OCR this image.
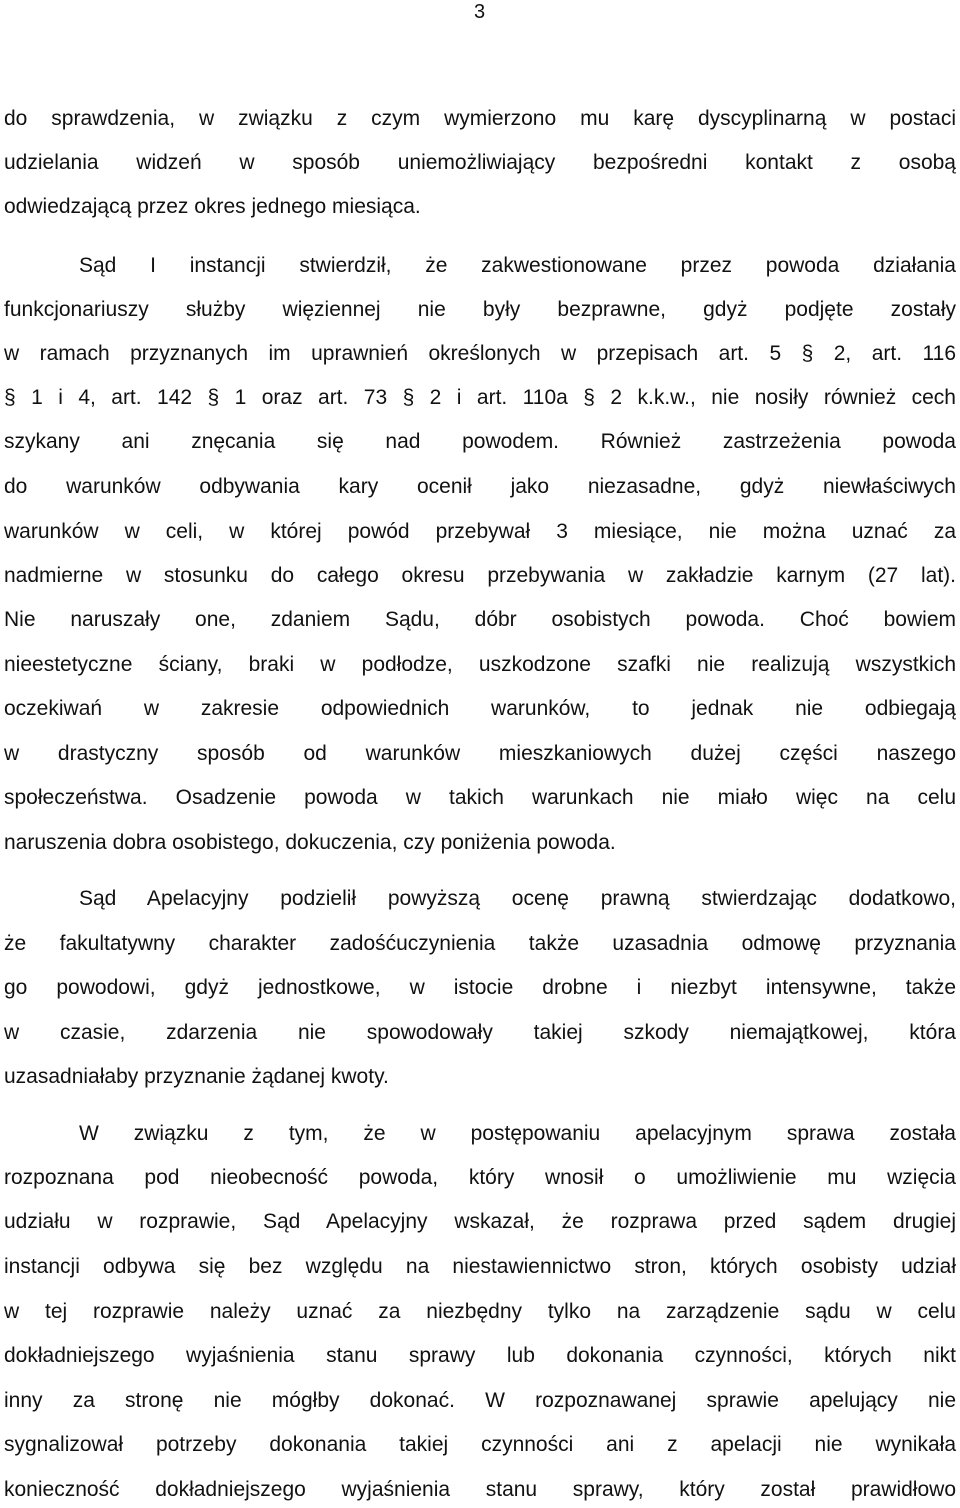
3
do sprawdzenia, w związku z czym wymierzono mu karę dyscyplinarną w postaci
udzielania widzeń w sposób uniemożliwiający bezpośredni kontakt z osobą
odwiedzającą przez okres jednego miesiąca.
Sąd I instancji stwierdził, że zakwestionowane przez powoda działania
funkcjonariuszy służby więziennej nie były bezprawne, gdyż podjęte zostały
w ramach przyznanych im uprawnień określonych w przepisach art. 5 § 2, art. 116
§ 1 i 4, art. 142 § 1 oraz art. 73 § 2 i art. 110a § 2 k.k.w., nie nosiły również cech
szykany ani znęcania się nad powodem. Również zastrzeżenia powoda
do warunków odbywania kary ocenił jako niezasadne, gdyż niewłaściwych
warunków w celi, w której powód przebywał 3 miesiące, nie można uznać za
nadmierne w stosunku do całego okresu przebywania w zakładzie karnym (27 lat).
Nie naruszały one, zdaniem Sądu, dóbr osobistych powoda. Choć bowiem
nieestetyczne ściany, braki w podłodze, uszkodzone szafki nie realizują wszystkich
oczekiwań w zakresie odpowiednich warunków, to jednak nie odbiegają
w drastyczny sposób od warunków mieszkaniowych dużej części naszego
społeczeństwa. Osadzenie powoda w takich warunkach nie miało więc na celu
naruszenia dobra osobistego, dokuczenia, czy poniżenia powoda.
Sąd Apelacyjny podzielił powyższą ocenę prawną stwierdzając dodatkowo,
że fakultatywny charakter zadośćuczynienia także uzasadnia odmowę przyznania
go powodowi, gdyż jednostkowe, w istocie drobne i niezbyt intensywne, także
w czasie, zdarzenia nie spowodowały takiej szkody niemajątkowej, która
uzasadniałaby przyznanie żądanej kwoty.
W związku z tym, że w postępowaniu apelacyjnym sprawa została
rozpoznana pod nieobecność powoda, który wnosił o umożliwienie mu wzięcia
udziału w rozprawie, Sąd Apelacyjny wskazał, że rozprawa przed sądem drugiej
instancji odbywa się bez względu na niestawiennictwo stron, których osobisty udział
w tej rozprawie należy uznać za niezbędny tylko na zarządzenie sądu w celu
dokładniejszego wyjaśnienia stanu sprawy lub dokonania czynności, których nikt
inny za stronę nie mógłby dokonać. W rozpoznawanej sprawie apelujący nie
sygnalizował potrzeby dokonania takiej czynności ani z apelacji nie wynikała
konieczność dokładniejszego wyjaśnienia stanu sprawy, który został prawidłowo
